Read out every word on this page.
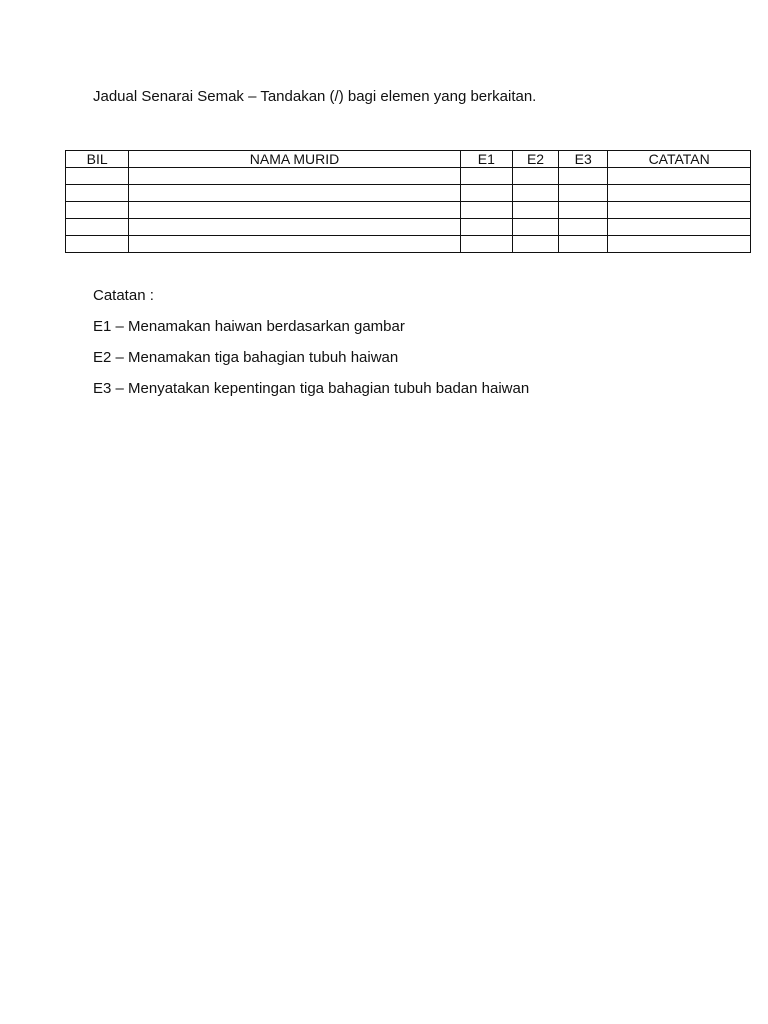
Jadual Senarai Semak – Tandakan (/) bagi elemen yang berkaitan.
BIL	NAMA MURID	E1	E2	E3	CATATAN

Catatan :
E1 – Menamakan haiwan berdasarkan gambar
E2 – Menamakan tiga bahagian tubuh haiwan
E3 – Menyatakan kepentingan tiga bahagian tubuh badan haiwan
